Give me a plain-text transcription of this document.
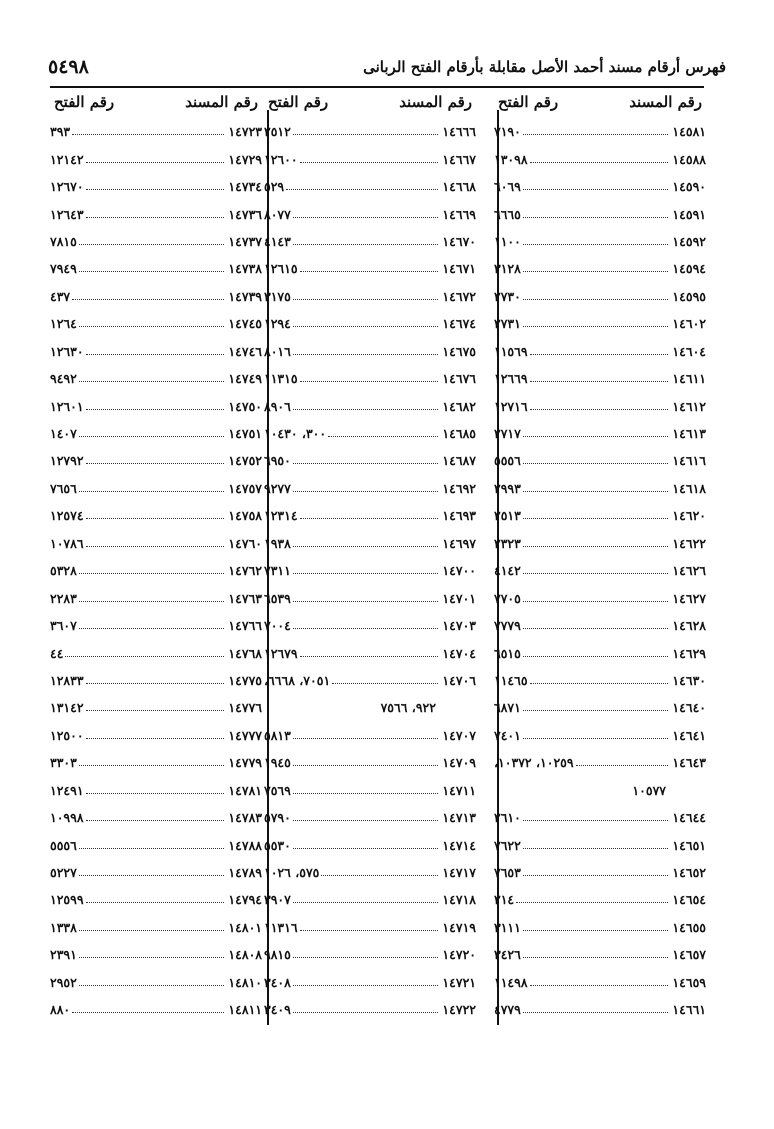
فهرس أرقام مسند أحمد الأصل مقابلة بأرقام الفتح الربانى
٥٤٩٨
رقم المسند
رقم الفتح
١٤٥٨١
٧١٩٠
١٤٥٨٨
١٣٠٩٨
١٤٥٩٠
٦٠٦٩
١٤٥٩١
٦٦٦٥
١٤٥٩٢
١١٠٠
١٤٥٩٤
٣١٢٨
١٤٥٩٥
٢٧٣٠
١٤٦٠٢
٢٧٣١
١٤٦٠٤
١١٥٦٩
١٤٦١١
١٢٦٦٩
١٤٦١٢
١٢٧١٦
١٤٦١٣
٢٧١٧
١٤٦١٦
٥٥٥٦
١٤٦١٨
٢٩٩٣
١٤٦٢٠
٢٥١٣
١٤٦٢٢
٢٣٢٣
١٤٦٢٦
٤١٤٢
١٤٦٢٧
٧٧٠٥
١٤٦٢٨
٧٧٧٩
١٤٦٢٩
٦٥١٥
١٤٦٣٠
١١٤٦٥
١٤٦٤٠
٦٨٧١
١٤٦٤١
٧٤٠١
١٤٦٤٣
١٠٢٥٩، ١٠٣٧٢،
١٠٥٧٧
١٤٦٤٤
٢٦١٠
١٤٦٥١
٧٦٢٢
١٤٦٥٢
٧٦٥٣
١٤٦٥٤
٢١٤
١٤٦٥٥
٣١١١
١٤٦٥٧
٣٤٢٦
١٤٦٥٩
١١٤٩٨
١٤٦٦١
٤٧٧٩
رقم المسند
رقم الفتح
١٤٦٦٦
٢٥١٢
١٤٦٦٧
١٢٦٠٠
١٤٦٦٨
٥٢٩
١٤٦٦٩
٨٠٧٧
١٤٦٧٠
٤١٤٣
١٤٦٧١
١٢٦١٥
١٤٦٧٢
٣١٧٥
١٤٦٧٤
١٢٩٤
١٤٦٧٥
٨٠١٦
١٤٦٧٦
١١٣١٥
١٤٦٨٢
٨٩٠٦
١٤٦٨٥
٣٠٠، ١٠٤٣٠
١٤٦٨٧
٦٩٥٠
١٤٦٩٢
٩٢٧٧
١٤٦٩٣
١٢٣١٤
١٤٦٩٧
١٩٣٨
١٤٧٠٠
٧٣١١
١٤٧٠١
٦٥٣٩
١٤٧٠٣
٧٠٠٤
١٤٧٠٤
١٢٦٧٩
١٤٧٠٦
٧٠٥١، ٦٦٦٨،
٩٢٢، ٧٥٦٦
١٤٧٠٧
٥٨١٣
١٤٧٠٩
١٩٤٥
١٤٧١١
٧٥٦٩
١٤٧١٣
٥٧٩٠
١٤٧١٤
٥٥٣٠
١٤٧١٧
٥٧٥، ١٠٢٦
١٤٧١٨
٣٩٠٧
١٤٧١٩
١١٣١٦
١٤٧٢٠
٩٨١٥
١٤٧٢١
٣٤٠٨
١٤٧٢٢
٣٤٠٩
رقم المسند
رقم الفتح
١٤٧٢٣
٣٩٣
١٤٧٢٩
١٢١٤٢
١٤٧٣٤
١٢٦٧٠
١٤٧٣٦
١٢٦٤٣
١٤٧٣٧
٧٨١٥
١٤٧٣٨
٧٩٤٩
١٤٧٣٩
٤٣٧
١٤٧٤٥
١٢٦٤
١٤٧٤٦
١٢٦٣٠
١٤٧٤٩
٩٤٩٢
١٤٧٥٠
١٢٦٠١
١٤٧٥١
١٤٠٧
١٤٧٥٢
١٢٧٩٢
١٤٧٥٧
٧٦٥٦
١٤٧٥٨
١٢٥٧٤
١٤٧٦٠
١٠٧٨٦
١٤٧٦٢
٥٣٢٨
١٤٧٦٣
٢٢٨٣
١٤٧٦٦
٣٦٠٧
١٤٧٦٨
٤٤
١٤٧٧٥
١٢٨٣٣
١٤٧٧٦
١٣١٤٢
١٤٧٧٧
١٢٥٠٠
١٤٧٧٩
٣٣٠٣
١٤٧٨١
١٢٤٩١
١٤٧٨٣
١٠٩٩٨
١٤٧٨٨
٥٥٥٦
١٤٧٨٩
٥٢٢٧
١٤٧٩٤
١٢٥٩٩
١٤٨٠١
١٣٣٨
١٤٨٠٨
٢٣٩١
١٤٨١٠
٢٩٥٢
١٤٨١١
٨٨٠
